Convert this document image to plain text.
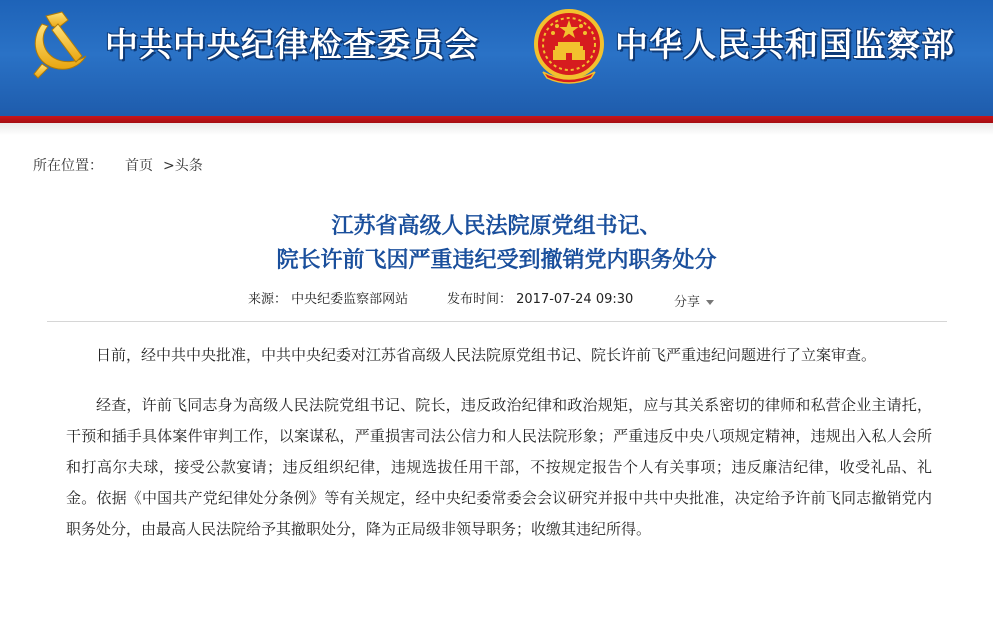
中共中央纪律检查委员会	中华人民共和国监察部
所在位置： 首页 >头条
江苏省高级人民法院原党组书记、
院长许前飞因严重违纪受到撤销党内职务处分
来源： 中央纪委监察部网站	发布时间： 2017-07-24 09:30	分享

日前，经中共中央批准，中共中央纪委对江苏省高级人民法院原党组书记、院长许前飞严重违纪问题进行了立案审查。

经查，许前飞同志身为高级人民法院党组书记、院长，违反政治纪律和政治规矩，应与其关系密切的律师和私营企业主请托，干预和插手具体案件审判工作，以案谋私，严重损害司法公信力和人民法院形象；严重违反中央八项规定精神，违规出入私人会所和打高尔夫球，接受公款宴请；违反组织纪律，违规选拔任用干部，不按规定报告个人有关事项；违反廉洁纪律，收受礼品、礼金。依据《中国共产党纪律处分条例》等有关规定，经中央纪委常委会会议研究并报中共中央批准，决定给予许前飞同志撤销党内职务处分，由最高人民法院给予其撤职处分，降为正局级非领导职务；收缴其违纪所得。
